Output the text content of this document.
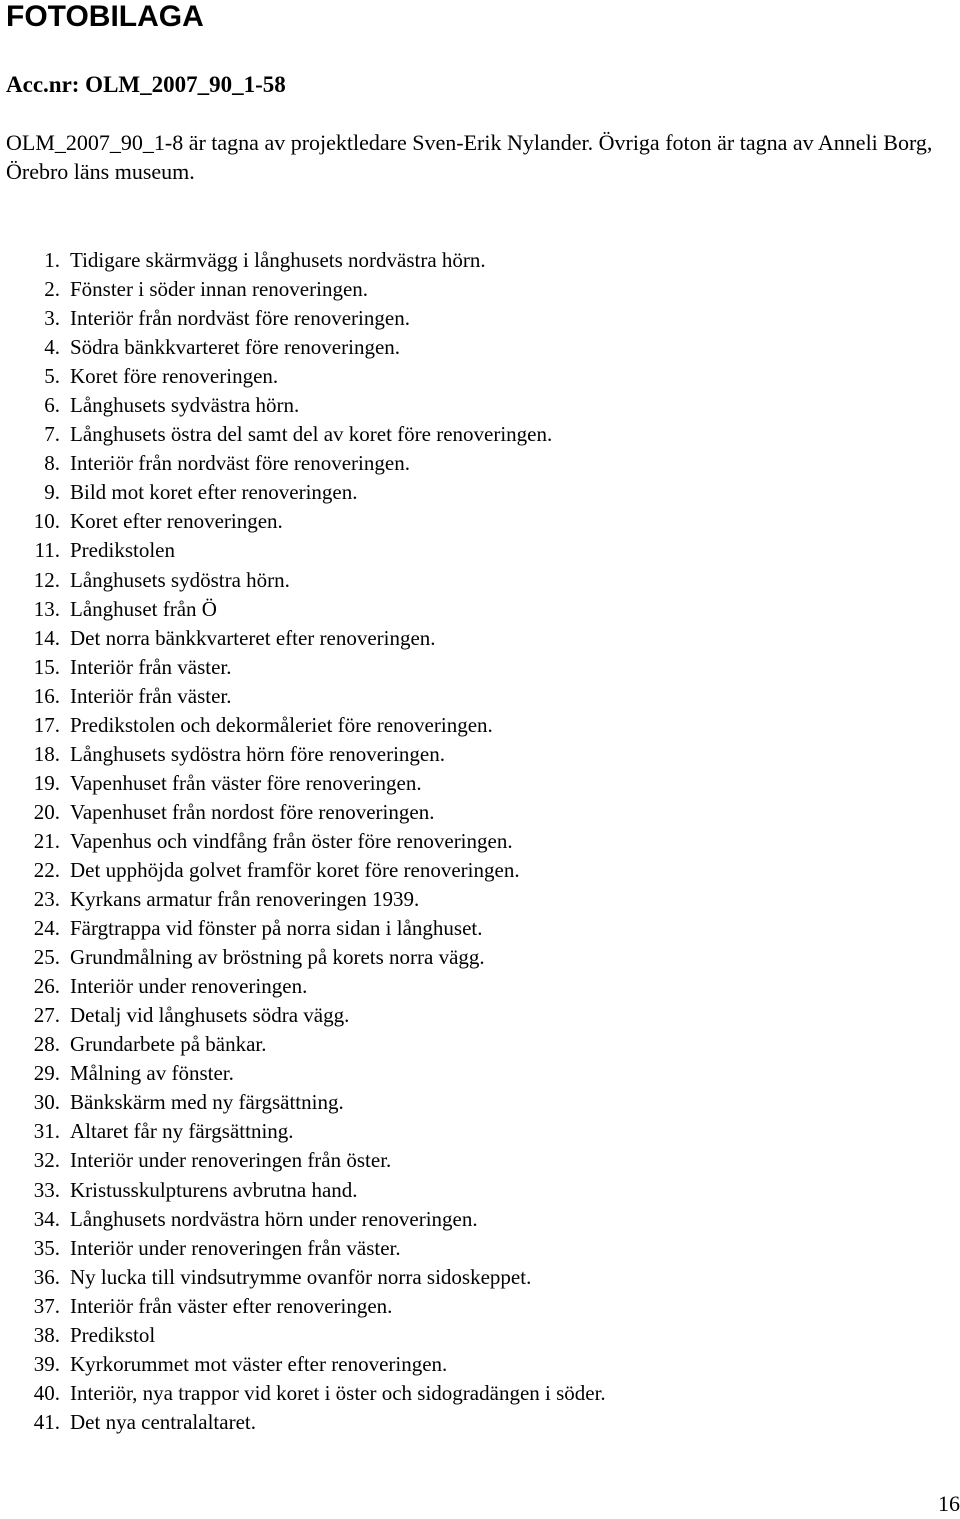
FOTOBILAGA

Acc.nr: OLM_2007_90_1-58

OLM_2007_90_1-8 är tagna av projektledare Sven-Erik Nylander. Övriga foton är tagna av Anneli Borg, Örebro läns museum.

1. Tidigare skärmvägg i långhusets nordvästra hörn.
2. Fönster i söder innan renoveringen.
3. Interiör från nordväst före renoveringen.
4. Södra bänkkvarteret före renoveringen.
5. Koret före renoveringen.
6. Långhusets sydvästra hörn.
7. Långhusets östra del samt del av koret före renoveringen.
8. Interiör från nordväst före renoveringen.
9. Bild mot koret efter renoveringen.
10. Koret efter renoveringen.
11. Predikstolen
12. Långhusets sydöstra hörn.
13. Långhuset från Ö
14. Det norra bänkkvarteret efter renoveringen.
15. Interiör från väster.
16. Interiör från väster.
17. Predikstolen och dekormåleriet före renoveringen.
18. Långhusets sydöstra hörn före renoveringen.
19. Vapenhuset från väster före renoveringen.
20. Vapenhuset från nordost före renoveringen.
21. Vapenhus och vindfång från öster före renoveringen.
22. Det upphöjda golvet framför koret före renoveringen.
23. Kyrkans armatur från renoveringen 1939.
24. Färgtrappa vid fönster på norra sidan i långhuset.
25. Grundmålning av bröstning på korets norra vägg.
26. Interiör under renoveringen.
27. Detalj vid långhusets södra vägg.
28. Grundarbete på bänkar.
29. Målning av fönster.
30. Bänkskärm med ny färgsättning.
31. Altaret får ny färgsättning.
32. Interiör under renoveringen från öster.
33. Kristusskulpturens avbrutna hand.
34. Långhusets nordvästra hörn under renoveringen.
35. Interiör under renoveringen från väster.
36. Ny lucka till vindsutrymme ovanför norra sidoskeppet.
37. Interiör från väster efter renoveringen.
38. Predikstol
39. Kyrkorummet mot väster efter renoveringen.
40. Interiör, nya trappor vid koret i öster och sidogradängen i söder.
41. Det nya centralaltaret.
16
